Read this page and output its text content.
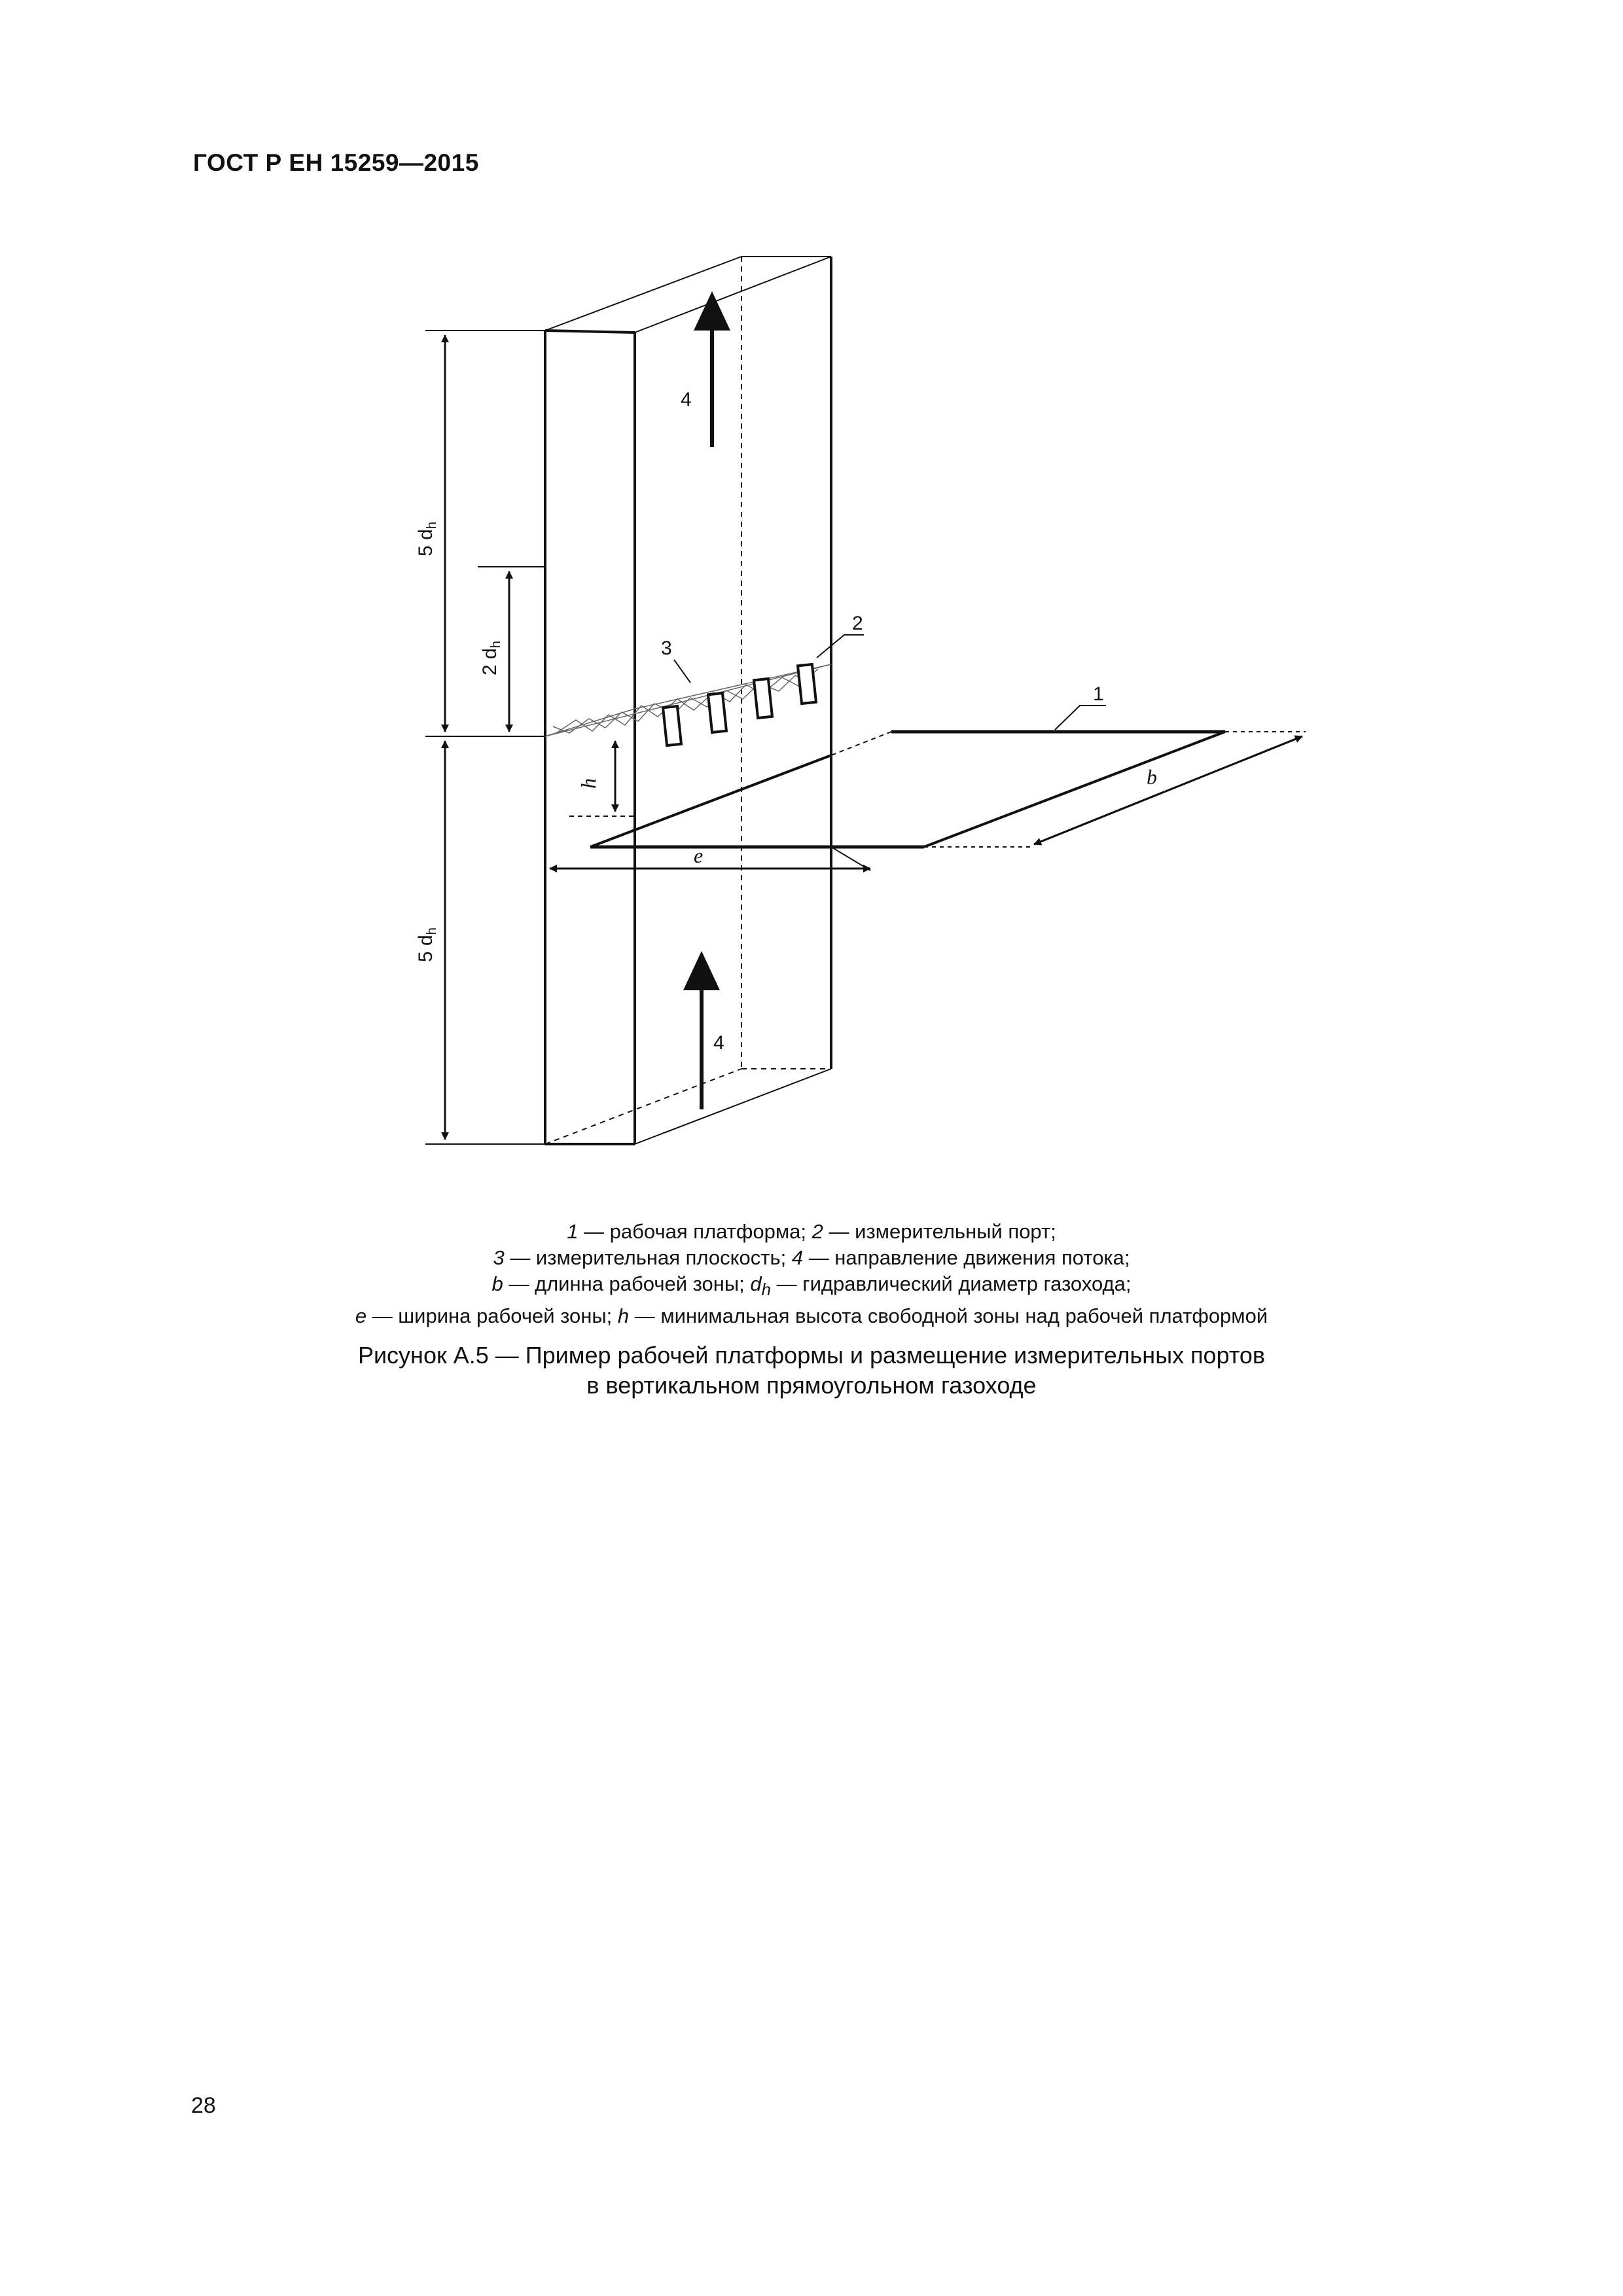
ГОСТ Р ЕН 15259—2015
4
4
2
3
1
e
b
h
5 $d_h$
2 $d_h$
5 $d_h$
1 — рабочая платформа; 2 — измерительный порт;
3 — измерительная плоскость; 4 — направление движения потока;
b — длинна рабочей зоны; $d_h$ — гидравлический диаметр газохода;
e — ширина рабочей зоны; h — минимальная высота свободной зоны над рабочей платформой
Рисунок А.5 — Пример рабочей платформы и размещение измерительных портов
в вертикальном прямоугольном газоходе
28
